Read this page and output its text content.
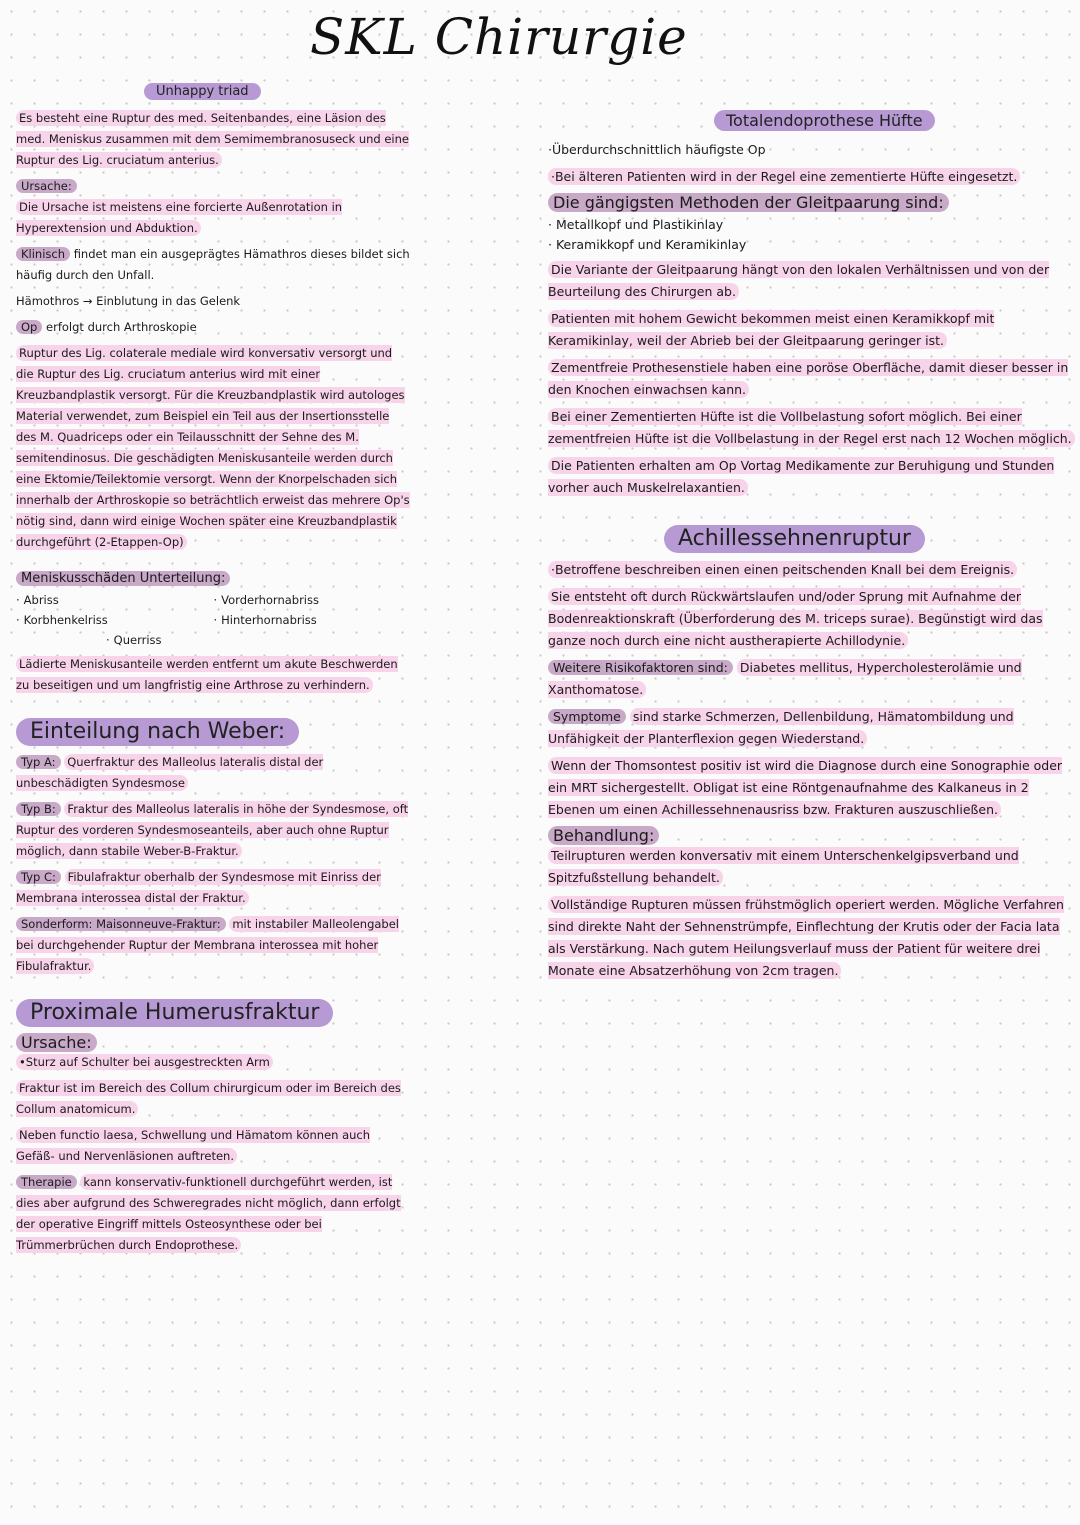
SKL Chirurgie
Unhappy triad

Es besteht eine Ruptur des med. Seitenbandes, eine Läsion des med. Meniskus zusammen mit dem Semimembranosuseck und eine Ruptur des Lig. cruciatum anterius.

Ursache:
Die Ursache ist meistens eine forcierte Außenrotation in Hyperextension und Abduktion.

Klinisch findet man ein ausgeprägtes Hämathros dieses bildet sich häufig durch den Unfall.

Hämothros → Einblutung in das Gelenk

Op erfolgt durch Arthroskopie

Ruptur des Lig. colaterale mediale wird konversativ versorgt und die Ruptur des Lig. cruciatum anterius wird mit einer Kreuzbandplastik versorgt. Für die Kreuzbandplastik wird autologes Material verwendet, zum Beispiel ein Teil aus der Insertionsstelle des M. Quadriceps oder ein Teilausschnitt der Sehne des M. semitendinosus. Die geschädigten Meniskusanteile werden durch eine Ektomie/Teilektomie versorgt. Wenn der Knorpelschaden sich innerhalb der Arthroskopie so beträchtlich erweist das mehrere Op's nötig sind, dann wird einige Wochen später eine Kreuzbandplastik durchgeführt (2-Etappen-Op)

Meniskusschäden Unterteilung:
· Abriss	· Vorderhornabriss
· Korbhenkelriss	· Hinterhornabriss
· Querriss

Lädierte Meniskusanteile werden entfernt um akute Beschwerden zu beseitigen und um langfristig eine Arthrose zu verhindern.

Einteilung nach Weber:

Typ A: Querfraktur des Malleolus lateralis distal der unbeschädigten Syndesmose

Typ B: Fraktur des Malleolus lateralis in höhe der Syndesmose, oft Ruptur des vorderen Syndesmoseanteils, aber auch ohne Ruptur möglich, dann stabile Weber-B-Fraktur.

Typ C: Fibulafraktur oberhalb der Syndesmose mit Einriss der Membrana interossea distal der Fraktur.

Sonderform: Maisonneuve-Fraktur: mit instabiler Malleolengabel bei durchgehender Ruptur der Membrana interossea mit hoher Fibulafraktur.

Proximale Humerusfraktur
Ursache:

•Sturz auf Schulter bei ausgestreckten Arm

Fraktur ist im Bereich des Collum chirurgicum oder im Bereich des Collum anatomicum.

Neben functio laesa, Schwellung und Hämatom können auch Gefäß- und Nervenläsionen auftreten.

Therapie kann konservativ-funktionell durchgeführt werden, ist dies aber aufgrund des Schweregrades nicht möglich, dann erfolgt der operative Eingriff mittels Osteosynthese oder bei Trümmerbrüchen durch Endoprothese.

Totalendoprothese Hüfte

·Überdurchschnittlich häufigste Op

·Bei älteren Patienten wird in der Regel eine zementierte Hüfte eingesetzt.

Die gängigsten Methoden der Gleitpaarung sind:
· Metallkopf und Plastikinlay
· Keramikkopf und Keramikinlay

Die Variante der Gleitpaarung hängt von den lokalen Verhältnissen und von der Beurteilung des Chirurgen ab.

Patienten mit hohem Gewicht bekommen meist einen Keramikkopf mit Keramikinlay, weil der Abrieb bei der Gleitpaarung geringer ist.

Zementfreie Prothesenstiele haben eine poröse Oberfläche, damit dieser besser in den Knochen einwachsen kann.

Bei einer Zementierten Hüfte ist die Vollbelastung sofort möglich. Bei einer zementfreien Hüfte ist die Vollbelastung in der Regel erst nach 12 Wochen möglich.

Die Patienten erhalten am Op Vortag Medikamente zur Beruhigung und Stunden vorher auch Muskelrelaxantien.

Achillessehnenruptur

·Betroffene beschreiben einen einen peitschenden Knall bei dem Ereignis.

Sie entsteht oft durch Rückwärtslaufen und/oder Sprung mit Aufnahme der Bodenreaktionskraft (Überforderung des M. triceps surae). Begünstigt wird das ganze noch durch eine nicht austherapierte Achillodynie.

Weitere Risikofaktoren sind: Diabetes mellitus, Hypercholesterolämie und Xanthomatose.

Symptome sind starke Schmerzen, Dellenbildung, Hämatombildung und Unfähigkeit der Planterflexion gegen Wiederstand.

Wenn der Thomsontest positiv ist wird die Diagnose durch eine Sonographie oder ein MRT sichergestellt. Obligat ist eine Röntgenaufnahme des Kalkaneus in 2 Ebenen um einen Achillessehnenausriss bzw. Frakturen auszuschließen.

Behandlung:

Teilrupturen werden konversativ mit einem Unterschenkelgipsverband und Spitzfußstellung behandelt.

Vollständige Rupturen müssen frühstmöglich operiert werden. Mögliche Verfahren sind direkte Naht der Sehnenstrümpfe, Einflechtung der Krutis oder der Facia lata als Verstärkung. Nach gutem Heilungsverlauf muss der Patient für weitere drei Monate eine Absatzerhöhung von 2cm tragen.
